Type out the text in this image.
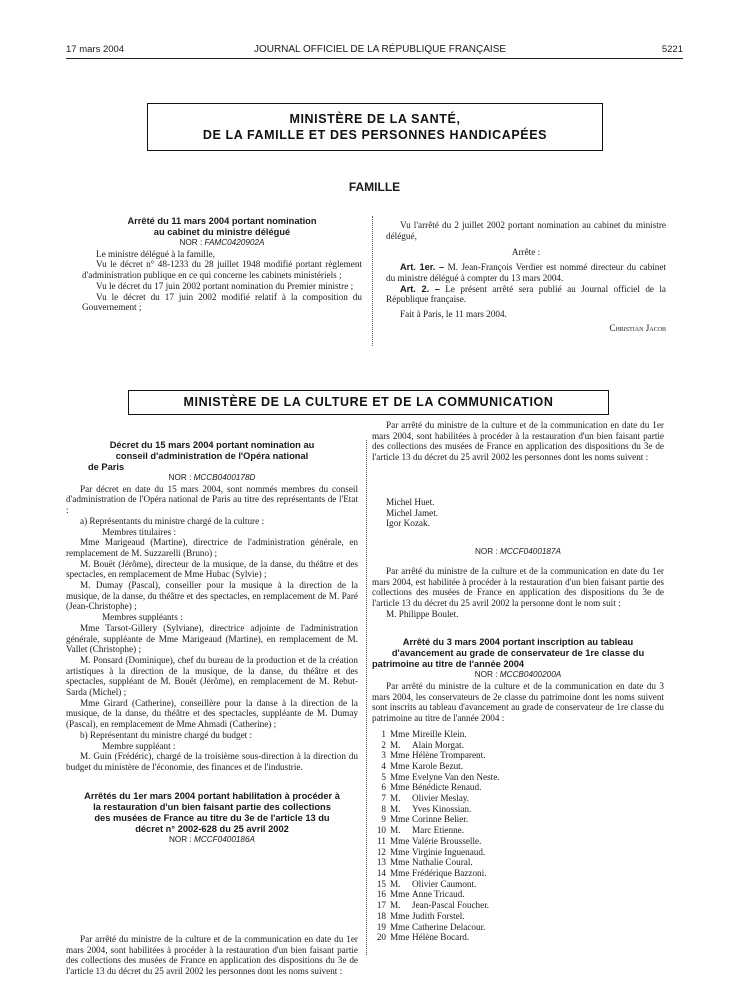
17 mars 2004	JOURNAL OFFICIEL DE LA RÉPUBLIQUE FRANÇAISE	5221
MINISTÈRE DE LA SANTÉ,
DE LA FAMILLE ET DES PERSONNES HANDICAPÉES
FAMILLE

Arrêté du 11 mars 2004 portant nomination

au cabinet du ministre délégué

NOR : FAMC0420902A

Le ministre délégué à la famille,

Vu le décret n° 48-1233 du 28 juillet 1948 modifié portant règlement d'administration publique en ce qui concerne les cabinets ministériels ;

Vu le décret du 17 juin 2002 portant nomination du Premier ministre ;

Vu le décret du 17 juin 2002 modifié relatif à la composition du Gouvernement ;

Vu l'arrêté du 2 juillet 2002 portant nomination au cabinet du ministre délégué,

Arrête :

Art. 1er. – M. Jean-François Verdier est nommé directeur du cabinet du ministre délégué à compter du 13 mars 2004.

Art. 2. – Le présent arrêté sera publié au Journal officiel de la République française.

Fait à Paris, le 11 mars 2004.

Christian Jacob

MINISTÈRE DE LA CULTURE ET DE LA COMMUNICATION

Décret du 15 mars 2004 portant nomination au

conseil d'administration de l'Opéra national

de Paris

NOR : MCCB0400178D

Par décret en date du 15 mars 2004, sont nommés membres du conseil d'administration de l'Opéra national de Paris au titre des représentants de l'Etat :

a) Représentants du ministre chargé de la culture :

Membres titulaires :

Mme Marigeaud (Martine), directrice de l'administration générale, en remplacement de M. Suzzarelli (Bruno) ;

M. Bouët (Jérôme), directeur de la musique, de la danse, du théâtre et des spectacles, en remplacement de Mme Hubac (Sylvie) ;

M. Dumay (Pascal), conseiller pour la musique à la direction de la musique, de la danse, du théâtre et des spectacles, en remplacement de M. Paré (Jean-Christophe) ;

Membres suppléants :

Mme Tarsot-Gillery (Sylviane), directrice adjointe de l'administration générale, suppléante de Mme Marigeaud (Martine), en remplacement de M. Vallet (Christophe) ;

M. Ponsard (Dominique), chef du bureau de la production et de la création artistiques à la direction de la musique, de la danse, du théâtre et des spectacles, suppléant de M. Bouët (Jérôme), en remplacement de M. Rebut-Sarda (Michel) ;

Mme Girard (Catherine), conseillère pour la danse à la direction de la musique, de la danse, du théâtre et des spectacles, suppléante de M. Dumay (Pascal), en remplacement de Mme Ahmadi (Catherine) ;

b) Représentant du ministre chargé du budget :

Membre suppléant :

M. Guin (Frédéric), chargé de la troisième sous-direction à la direction du budget du ministère de l'économie, des finances et de l'industrie.

Arrêtés du 1er mars 2004 portant habilitation à procéder à

la restauration d'un bien faisant partie des collections

des musées de France au titre du 3e de l'article 13 du

décret n° 2002-628 du 25 avril 2002

NOR : MCCF0400186A

Par arrêté du ministre de la culture et de la communication en date du 1er mars 2004, sont habilitées à procéder à la restauration d'un bien faisant partie des collections des musées de France en application des dispositions du 3e de l'article 13 du décret du 25 avril 2002 les personnes dont les noms suivent :

Par arrêté du ministre de la culture et de la communication en date du 1er mars 2004, sont habilitées à procéder à la restauration d'un bien faisant partie des collections des musées de France en application des dispositions du 3e de l'article 13 du décret du 25 avril 2002 les personnes dont les noms suivent :

Michel Huet.

Michel Jamet.

Igor Kozak.

NOR : MCCF0400187A

Par arrêté du ministre de la culture et de la communication en date du 1er mars 2004, est habilitée à procéder à la restauration d'un bien faisant partie des collections des musées de France en application des dispositions du 3e de l'article 13 du décret du 25 avril 2002 la personne dont le nom suit :

M. Philippe Boulet.

Arrêté du 3 mars 2004 portant inscription au tableau

d'avancement au grade de conservateur de 1re classe du

patrimoine au titre de l'année 2004

NOR : MCCB0400200A

Par arrêté du ministre de la culture et de la communication en date du 3 mars 2004, les conservateurs de 2e classe du patrimoine dont les noms suivent sont inscrits au tableau d'avancement au grade de conservateur de 1re classe du patrimoine au titre de l'année 2004 :

1 Mme Mireille Klein.
2 M.	Alain Morgat.
3 Mme Hélène Tromparent.
4 Mme Karole Bezut.
5 Mme Evelyne Van den Neste.
6 Mme Bénédicte Renaud.
7 M.	Olivier Meslay.
8 M.	Yves Kinossian.
9 Mme Corinne Belier.
10 M.	Marc Etienne.
11 Mme Valérie Brousselle.
12 Mme Virginie Inguenaud.
13 Mme Nathalie Coural.
14 Mme Frédérique Bazzoni.
15 M.	Olivier Caumont.
16 Mme Anne Tricaud.
17 M.	Jean-Pascal Foucher.
18 Mme Judith Forstel.
19 Mme Catherine Delacour.
20 Mme Hélène Bocard.
